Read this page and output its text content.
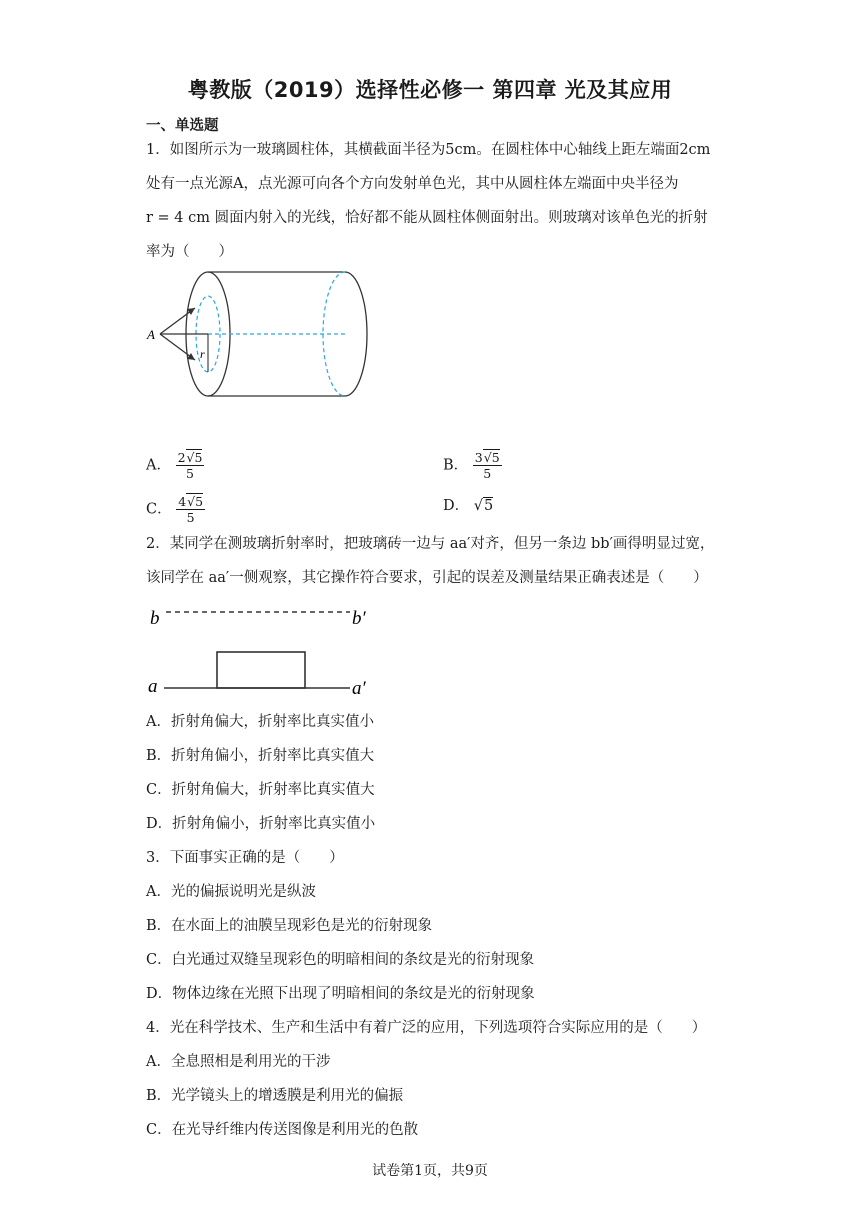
粤教版（2019）选择性必修一 第四章 光及其应用
一、单选题
1．如图所示为一玻璃圆柱体，其横截面半径为5cm。在圆柱体中心轴线上距左端面2cm
处有一点光源A，点光源可向各个方向发射单色光，其中从圆柱体左端面中央半径为
r = 4 cm 圆面内射入的光线，恰好都不能从圆柱体侧面射出。则玻璃对该单色光的折射
率为（　　）
A
r
A． $\frac{2√5}{5}$	B． $\frac{3√5}{5}$
C． $\frac{4√5}{5}$	D． √5
2．某同学在测玻璃折射率时，把玻璃砖一边与 aa′对齐，但另一条边 bb′画得明显过宽，
该同学在 aa′一侧观察，其它操作符合要求，引起的误差及测量结果正确表述是（　　）
b	b′
a	a′
A．折射角偏大，折射率比真实值小
B．折射角偏小，折射率比真实值大
C．折射角偏大，折射率比真实值大
D．折射角偏小，折射率比真实值小
3．下面事实正确的是（　　）
A．光的偏振说明光是纵波
B．在水面上的油膜呈现彩色是光的衍射现象
C．白光通过双缝呈现彩色的明暗相间的条纹是光的衍射现象
D．物体边缘在光照下出现了明暗相间的条纹是光的衍射现象
4．光在科学技术、生产和生活中有着广泛的应用，下列选项符合实际应用的是（　　）
A．全息照相是利用光的干涉
B．光学镜头上的增透膜是利用光的偏振
C．在光导纤维内传送图像是利用光的色散
试卷第1页，共9页
